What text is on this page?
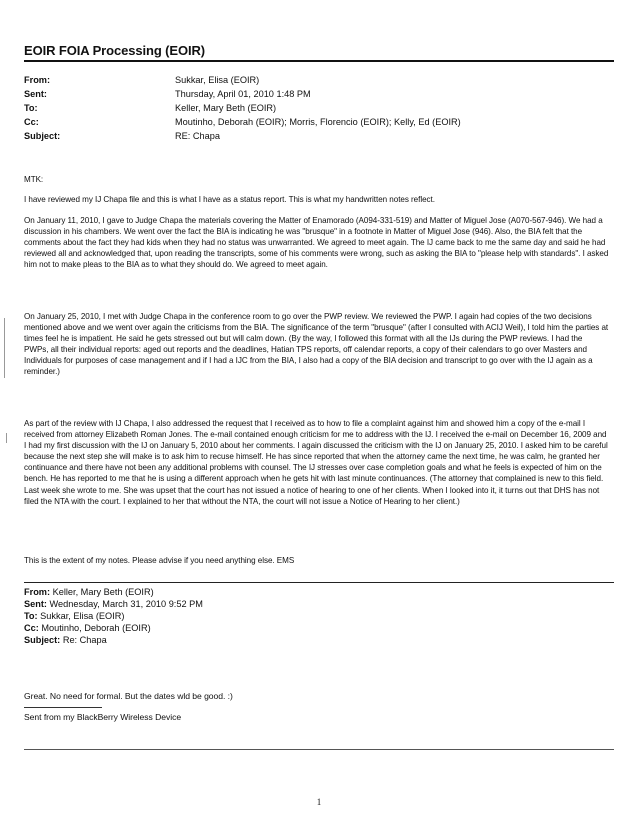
EOIR FOIA Processing (EOIR)
From:	Sukkar, Elisa (EOIR)
Sent:	Thursday, April 01, 2010 1:48 PM
To:	Keller, Mary Beth (EOIR)
Cc:	Moutinho, Deborah (EOIR); Morris, Florencio (EOIR); Kelly, Ed (EOIR)
Subject:	RE: Chapa
MTK:

I have reviewed my IJ Chapa file and this is what I have as a status report. This is what my handwritten notes reflect.

On January 11, 2010, I gave to Judge Chapa the materials covering the Matter of Enamorado (A094-331-519) and Matter of Miguel Jose (A070-567-946). We had a discussion in his chambers. We went over the fact the BIA is indicating he was "brusque" in a footnote in Matter of Miguel Jose (946). Also, the BIA felt that the comments about the fact they had kids when they had no status was unwarranted. We agreed to meet again. The IJ came back to me the same day and said he had reviewed all and acknowledged that, upon reading the transcripts, some of his comments were wrong, such as asking the BIA to "please help with standards". I asked him not to make pleas to the BIA as to what they should do. We agreed to meet again.

On January 25, 2010, I met with Judge Chapa in the conference room to go over the PWP review. We reviewed the PWP. I again had copies of the two decisions mentioned above and we went over again the criticisms from the BIA. The significance of the term "brusque" (after I consulted with ACIJ Weil), I told him the parties at times feel he is impatient. He said he gets stressed out but will calm down. (By the way, I followed this format with all the IJs during the PWP reviews. I had the PWPs, all their individual reports: aged out reports and the deadlines, Hatian TPS reports, off calendar reports, a copy of their calendars to go over Masters and Individuals for purposes of case management and if I had a IJC from the BIA, I also had a copy of the BIA decision and transcript to go over with the IJ again as a reminder.)

As part of the review with IJ Chapa, I also addressed the request that I received as to how to file a complaint against him and showed him a copy of the e-mail I received from attorney Elizabeth Roman Jones. The e-mail contained enough criticism for me to address with the IJ. I received the e-mail on December 16, 2009 and I had my first discussion with the IJ on January 5, 2010 about her comments. I again discussed the criticism with the IJ on January 25, 2010. I asked him to be careful because the next step she will make is to ask him to recuse himself. He has since reported that when the attorney came the next time, he was calm, he granted her continuance and there have not been any additional problems with counsel. The IJ stresses over case completion goals and what he feels is expected of him on the bench. He has reported to me that he is using a different approach when he gets hit with last minute continuances. (The attorney that complained is new to this field. Last week she wrote to me. She was upset that the court has not issued a notice of hearing to one of her clients. When I looked into it, it turns out that DHS has not filed the NTA with the court. I explained to her that without the NTA, the court will not issue a Notice of Hearing to her client.)

This is the extent of my notes. Please advise if you need anything else. EMS

From: Keller, Mary Beth (EOIR)
Sent: Wednesday, March 31, 2010 9:52 PM
To: Sukkar, Elisa (EOIR)
Cc: Moutinho, Deborah (EOIR)
Subject: Re: Chapa
Great. No need for formal. But the dates wld be good. :)
Sent from my BlackBerry Wireless Device
1
